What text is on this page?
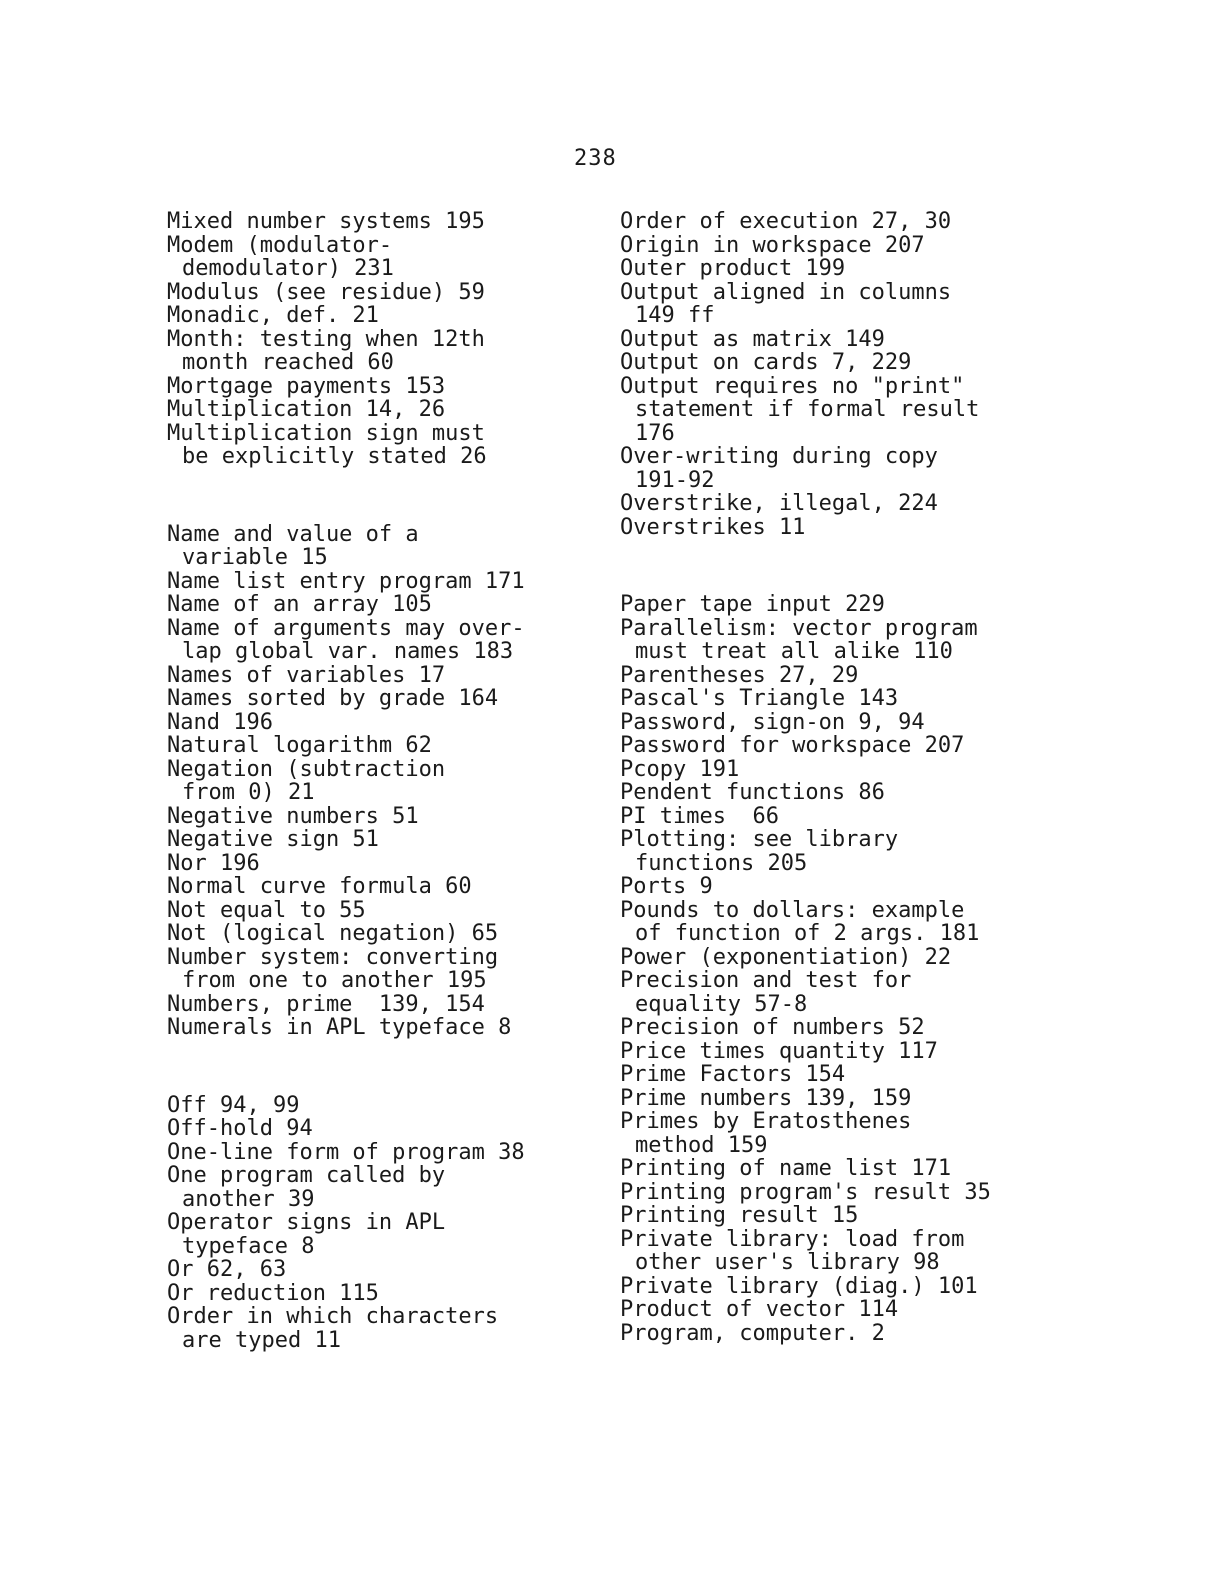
238
Mixed number systems 195
Modem (modulator-
demodulator) 231
Modulus (see residue) 59
Monadic, def. 21
Month: testing when 12th
month reached 60
Mortgage payments 153
Multiplication 14, 26
Multiplication sign must
be explicitly stated 26
Name and value of a
variable 15
Name list entry program 171
Name of an array 105
Name of arguments may over-
lap global var. names 183
Names of variables 17
Names sorted by grade 164
Nand 196
Natural logarithm 62
Negation (subtraction
from 0) 21
Negative numbers 51
Negative sign 51
Nor 196
Normal curve formula 60
Not equal to 55
Not (logical negation) 65
Number system: converting
from one to another 195
Numbers, prime  139, 154
Numerals in APL typeface 8
Off 94, 99
Off-hold 94
One-line form of program 38
One program called by
another 39
Operator signs in APL
typeface 8
Or 62, 63
Or reduction 115
Order in which characters
are typed 11
Order of execution 27, 30
Origin in workspace 207
Outer product 199
Output aligned in columns
149 ff
Output as matrix 149
Output on cards 7, 229
Output requires no "print"
statement if formal result
176
Over-writing during copy
191-92
Overstrike, illegal, 224
Overstrikes 11
Paper tape input 229
Parallelism: vector program
must treat all alike 110
Parentheses 27, 29
Pascal's Triangle 143
Password, sign-on 9, 94
Password for workspace 207
Pcopy 191
Pendent functions 86
PI times  66
Plotting: see library
functions 205
Ports 9
Pounds to dollars: example
of function of 2 args. 181
Power (exponentiation) 22
Precision and test for
equality 57-8
Precision of numbers 52
Price times quantity 117
Prime Factors 154
Prime numbers 139, 159
Primes by Eratosthenes
method 159
Printing of name list 171
Printing program's result 35
Printing result 15
Private library: load from
other user's library 98
Private library (diag.) 101
Product of vector 114
Program, computer. 2
